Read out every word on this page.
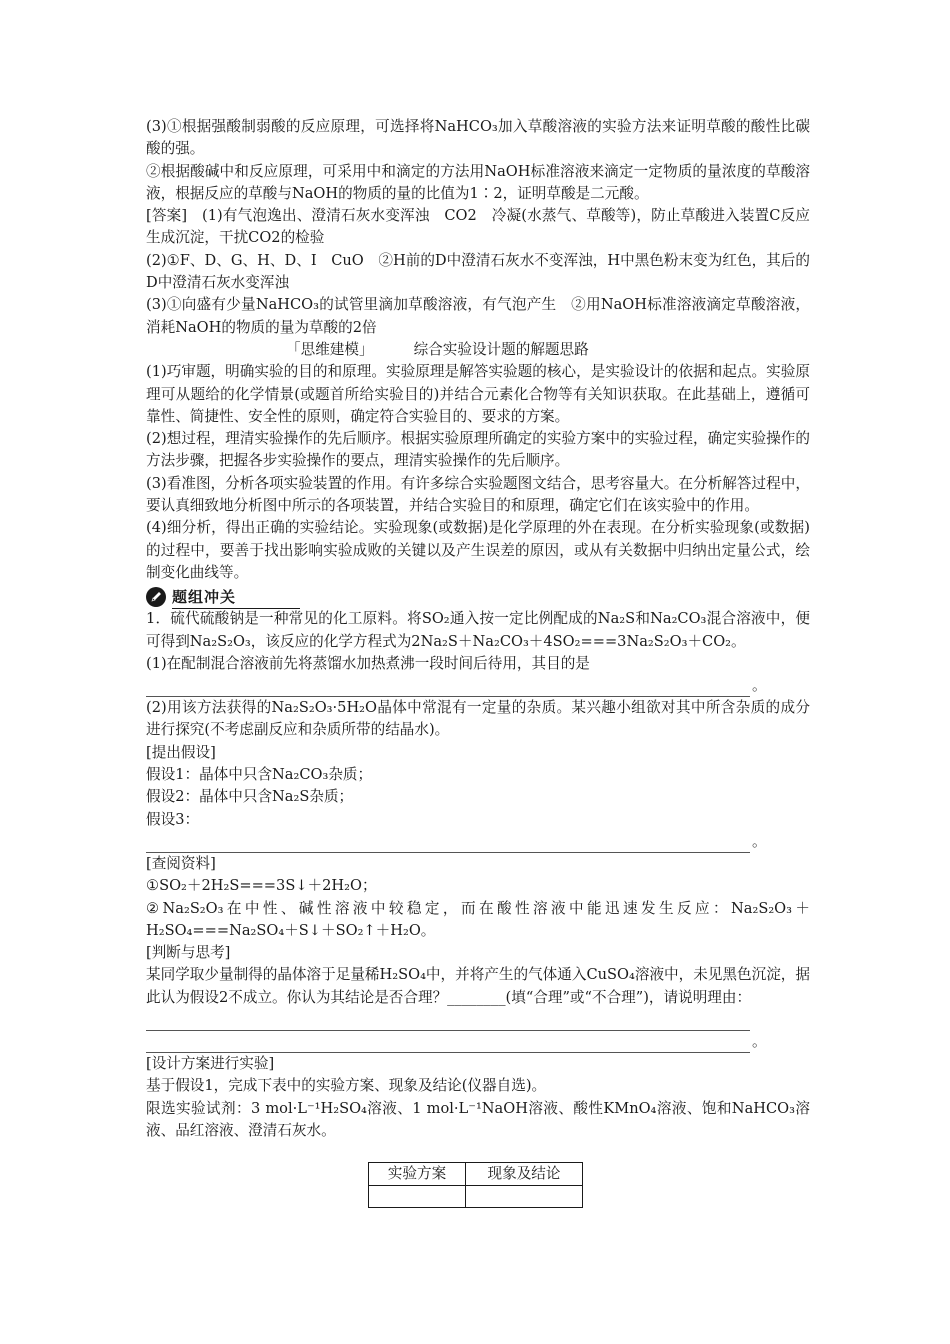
(3)①根据强酸制弱酸的反应原理，可选择将NaHCO₃加入草酸溶液的实验方法来证明草酸的酸性比碳酸的强。

②根据酸碱中和反应原理，可采用中和滴定的方法用NaOH标准溶液来滴定一定物质的量浓度的草酸溶液，根据反应的草酸与NaOH的物质的量的比值为1∶2，证明草酸是二元酸。

[答案]　(1)有气泡逸出、澄清石灰水变浑浊　CO2　冷凝(水蒸气、草酸等)，防止草酸进入装置C反应生成沉淀，干扰CO2的检验

(2)①F、D、G、H、D、I　CuO　②H前的D中澄清石灰水不变浑浊，H中黑色粉末变为红色，其后的D中澄清石灰水变浑浊

(3)①向盛有少量NaHCO₃的试管里滴加草酸溶液，有气泡产生　②用NaOH标准溶液滴定草酸溶液，消耗NaOH的物质的量为草酸的2倍

「思维建模」	综合实验设计题的解题思路

(1)巧审题，明确实验的目的和原理。实验原理是解答实验题的核心，是实验设计的依据和起点。实验原理可从题给的化学情景(或题首所给实验目的)并结合元素化合物等有关知识获取。在此基础上，遵循可靠性、简捷性、安全性的原则，确定符合实验目的、要求的方案。

(2)想过程，理清实验操作的先后顺序。根据实验原理所确定的实验方案中的实验过程，确定实验操作的方法步骤，把握各步实验操作的要点，理清实验操作的先后顺序。

(3)看准图，分析各项实验装置的作用。有许多综合实验题图文结合，思考容量大。在分析解答过程中，要认真细致地分析图中所示的各项装置，并结合实验目的和原理，确定它们在该实验中的作用。

(4)细分析，得出正确的实验结论。实验现象(或数据)是化学原理的外在表现。在分析实验现象(或数据)的过程中，要善于找出影响实验成败的关键以及产生误差的原因，或从有关数据中归纳出定量公式，绘制变化曲线等。

题组冲关

1．硫代硫酸钠是一种常见的化工原料。将SO₂通入按一定比例配成的Na₂S和Na₂CO₃混合溶液中，便可得到Na₂S₂O₃，该反应的化学方程式为2Na₂S＋Na₂CO₃＋4SO₂===3Na₂S₂O₃＋CO₂。

(1)在配制混合溶液前先将蒸馏水加热煮沸一段时间后待用，其目的是

。

(2)用该方法获得的Na₂S₂O₃·5H₂O晶体中常混有一定量的杂质。某兴趣小组欲对其中所含杂质的成分进行探究(不考虑副反应和杂质所带的结晶水)。

[提出假设]

假设1：晶体中只含Na₂CO₃杂质；

假设2：晶体中只含Na₂S杂质；

假设3：

。

[查阅资料]

①SO₂＋2H₂S===3S↓＋2H₂O；

②Na₂S₂O₃在中性、碱性溶液中较稳定，而在酸性溶液中能迅速发生反应：Na₂S₂O₃＋H₂SO₄===Na₂SO₄＋S↓＋SO₂↑＋H₂O。

[判断与思考]

某同学取少量制得的晶体溶于足量稀H₂SO₄中，并将产生的气体通入CuSO₄溶液中，未见黑色沉淀，据此认为假设2不成立。你认为其结论是否合理？________(填“合理”或“不合理”)，请说明理由：

。

[设计方案进行实验]

基于假设1，完成下表中的实验方案、现象及结论(仪器自选)。

限选实验试剂：3 mol·L⁻¹H₂SO₄溶液、1 mol·L⁻¹NaOH溶液、酸性KMnO₄溶液、饱和NaHCO₃溶液、品红溶液、澄清石灰水。

实验方案	现象及结论
